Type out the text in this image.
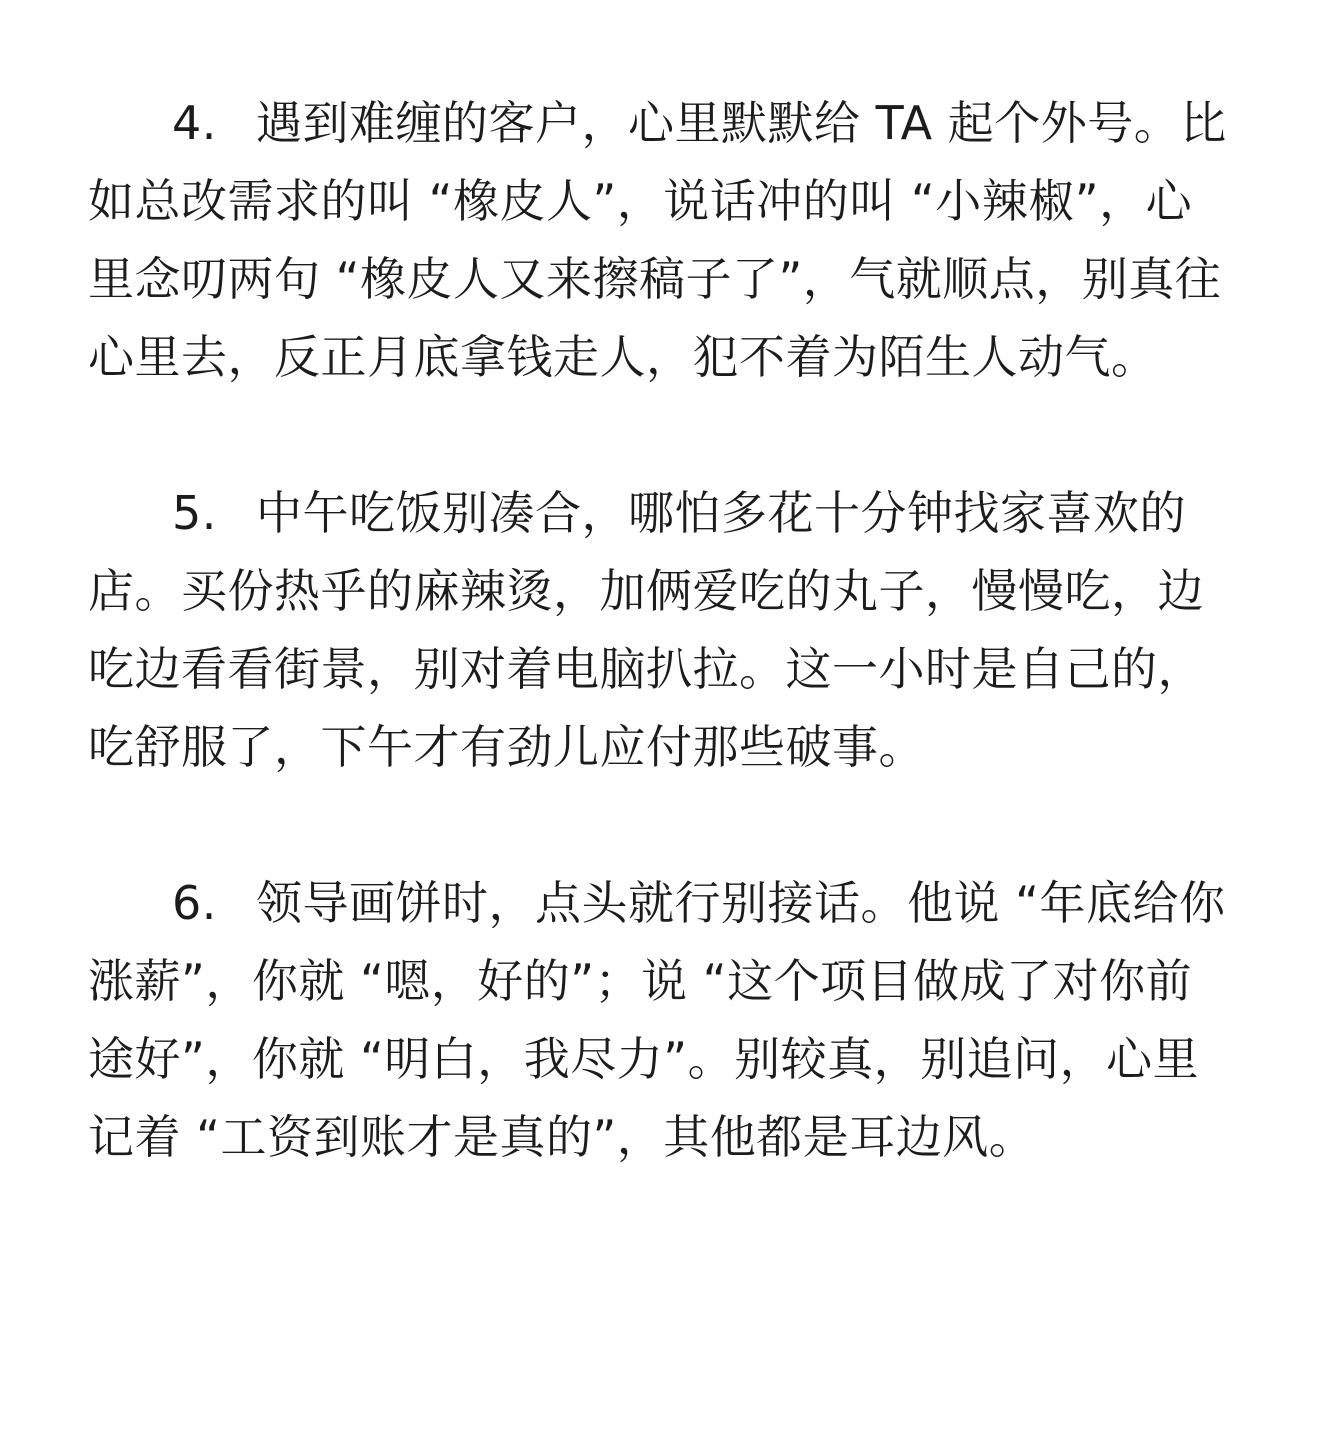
4. 遇到难缠的客户，心里默默给 TA 起个外号。比如总改需求的叫 “橡皮人”，说话冲的叫 “小辣椒”，心里念叨两句 “橡皮人又来擦稿子了”，气就顺点，别真往心里去，反正月底拿钱走人，犯不着为陌生人动气。

5. 中午吃饭别凑合，哪怕多花十分钟找家喜欢的店。买份热乎的麻辣烫，加俩爱吃的丸子，慢慢吃，边吃边看看街景，别对着电脑扒拉。这一小时是自己的，吃舒服了，下午才有劲儿应付那些破事。

6. 领导画饼时，点头就行别接话。他说 “年底给你涨薪”，你就 “嗯，好的”；说 “这个项目做成了对你前途好”，你就 “明白，我尽力”。别较真，别追问，心里记着 “工资到账才是真的”，其他都是耳边风。
